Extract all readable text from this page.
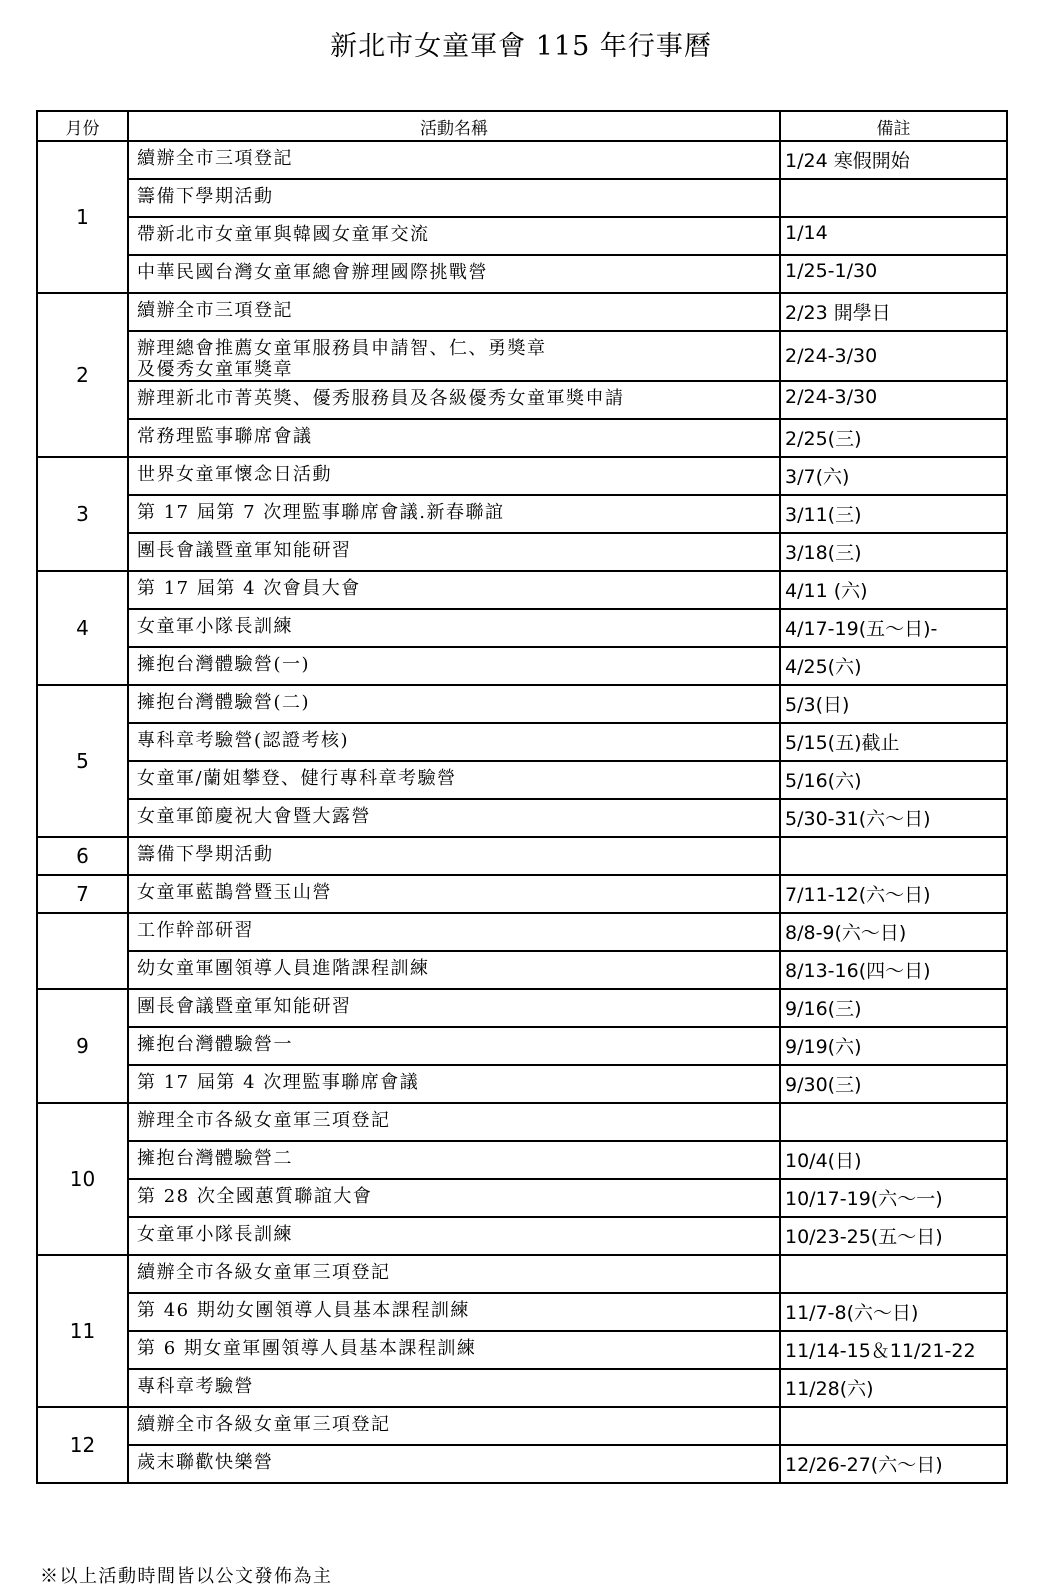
新北市女童軍會 115 年行事曆
月份	活動名稱	備註
1	續辦全市三項登記	1/24 寒假開始

	籌備下學期活動	

	帶新北市女童軍與韓國女童軍交流	1/14

	中華民國台灣女童軍總會辦理國際挑戰營	1/25-1/30
2	續辦全市三項登記	2/23 開學日

	辦理總會推薦女童軍服務員申請智、仁、勇獎章
及優秀女童軍獎章	2/24-3/30

	辦理新北市菁英獎、優秀服務員及各級優秀女童軍獎申請	2/24-3/30

	常務理監事聯席會議	2/25(三)
3	世界女童軍懷念日活動	3/7(六)

	第 17 屆第 7 次理監事聯席會議.新春聯誼	3/11(三)

	團長會議暨童軍知能研習	3/18(三)
4	第 17 屆第 4 次會員大會	4/11 (六)

	女童軍小隊長訓練	4/17-19(五～日)-

	擁抱台灣體驗營(一)	4/25(六)
5	擁抱台灣體驗營(二)	5/3(日)

	專科章考驗營(認證考核)	5/15(五)截止

	女童軍/蘭姐攀登、健行專科章考驗營	5/16(六)

	女童軍節慶祝大會暨大露營	5/30-31(六～日)
6	籌備下學期活動	

7	女童軍藍鵲營暨玉山營	7/11-12(六～日)

	工作幹部研習	8/8-9(六～日)

	幼女童軍團領導人員進階課程訓練	8/13-16(四～日)
9	團長會議暨童軍知能研習	9/16(三)

	擁抱台灣體驗營一	9/19(六)

	第 17 屆第 4 次理監事聯席會議	9/30(三)
10	辦理全市各級女童軍三項登記	

	擁抱台灣體驗營二	10/4(日)

	第 28 次全國蕙質聯誼大會	10/17-19(六～一)

	女童軍小隊長訓練	10/23-25(五～日)
11	續辦全市各級女童軍三項登記	

	第 46 期幼女團領導人員基本課程訓練	11/7-8(六～日)

	第 6 期女童軍團領導人員基本課程訓練	11/14-15＆11/21-22

	專科章考驗營	11/28(六)
12	續辦全市各級女童軍三項登記	

	歲末聯歡快樂營	12/26-27(六～日)
※以上活動時間皆以公文發佈為主
